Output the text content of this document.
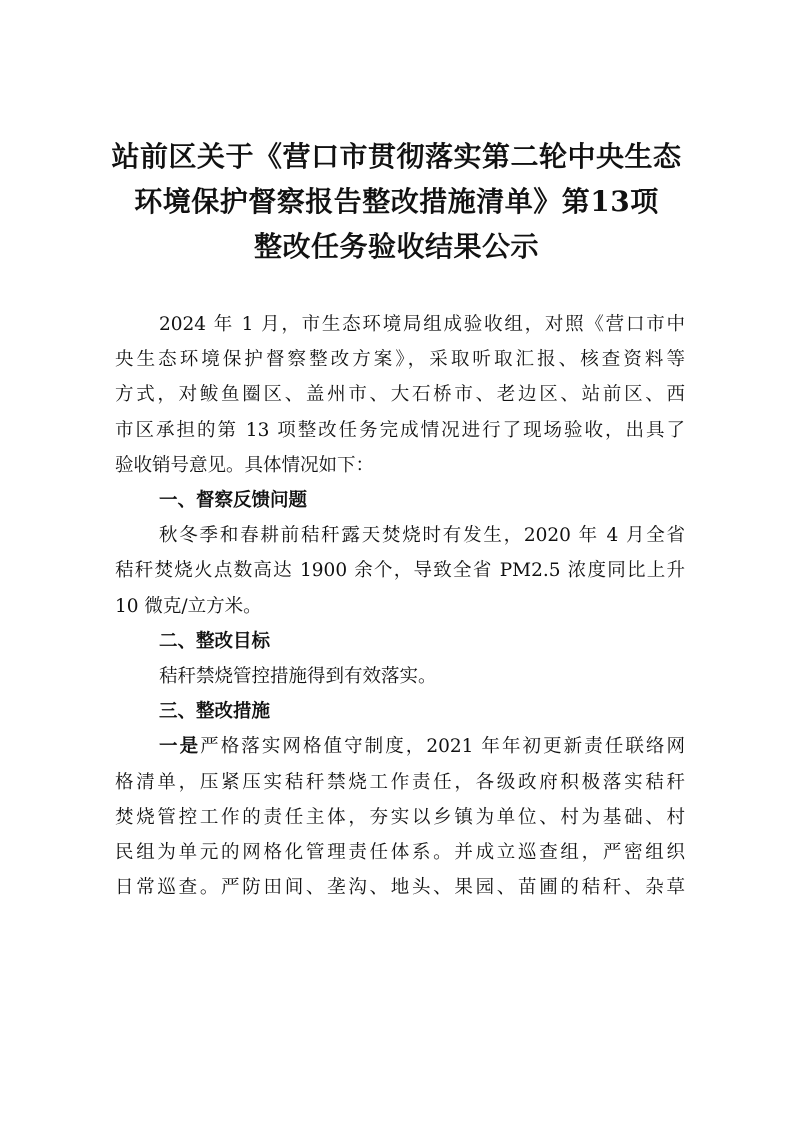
站前区关于《营口市贯彻落实第二轮中央生态
环境保护督察报告整改措施清单》第13项
整改任务验收结果公示
2024 年 1 月，市生态环境局组成验收组，对照《营口市中
央生态环境保护督察整改方案》，采取听取汇报、核查资料等
方式，对鲅鱼圈区、盖州市、大石桥市、老边区、站前区、西
市区承担的第 13 项整改任务完成情况进行了现场验收，出具了
验收销号意见。具体情况如下：
一、督察反馈问题
秋冬季和春耕前秸秆露天焚烧时有发生，2020 年 4 月全省
秸秆焚烧火点数高达 1900 余个，导致全省 PM2.5 浓度同比上升
10 微克/立方米。
二、整改目标
秸秆禁烧管控措施得到有效落实。
三、整改措施
一是严格落实网格值守制度，2021 年年初更新责任联络网
格清单，压紧压实秸秆禁烧工作责任，各级政府积极落实秸秆
焚烧管控工作的责任主体，夯实以乡镇为单位、村为基础、村
民组为单元的网格化管理责任体系。并成立巡查组，严密组织
日常巡查。严防田间、垄沟、地头、果园、苗圃的秸秆、杂草
